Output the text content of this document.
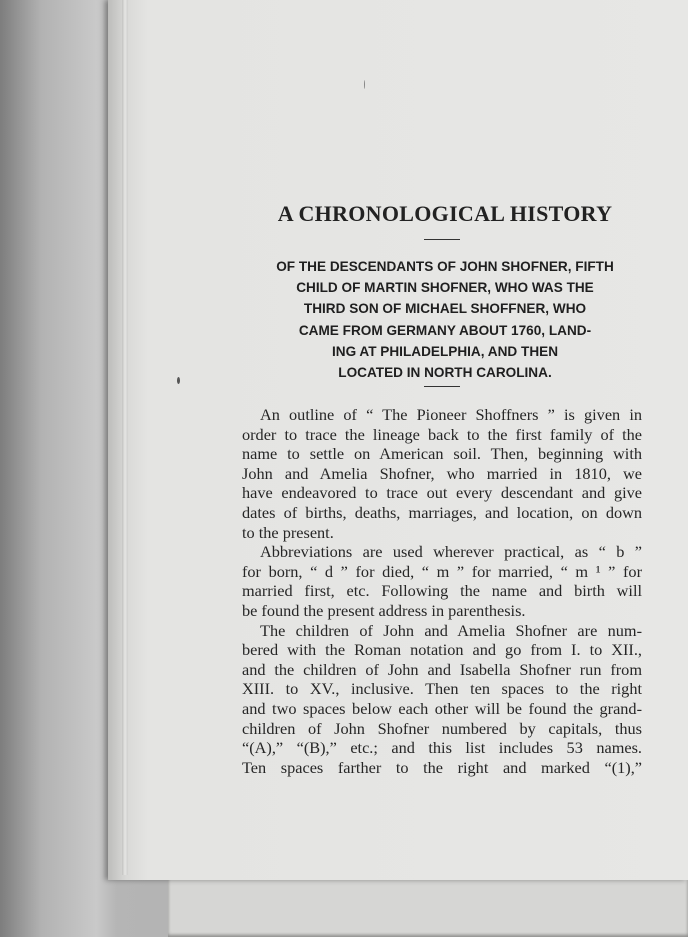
A CHRONOLOGICAL HISTORY
OF THE DESCENDANTS OF JOHN SHOFNER, FIFTH
CHILD OF MARTIN SHOFNER, WHO WAS THE
THIRD SON OF MICHAEL SHOFFNER, WHO
CAME FROM GERMANY ABOUT 1760, LAND-
ING AT PHILADELPHIA, AND THEN
LOCATED IN NORTH CAROLINA.
An outline of “ The Pioneer Shoffners ” is given in
order to trace the lineage back to the first family of the
name to settle on American soil. Then, beginning with
John and Amelia Shofner, who married in 1810, we
have endeavored to trace out every descendant and give
dates of births, deaths, marriages, and location, on down
to the present.
Abbreviations are used wherever practical, as “ b ”
for born, “ d ” for died, “ m ” for married, “ m ¹ ” for
married first, etc. Following the name and birth will
be found the present address in parenthesis.
The children of John and Amelia Shofner are num-
bered with the Roman notation and go from I. to XII.,
and the children of John and Isabella Shofner run from
XIII. to XV., inclusive. Then ten spaces to the right
and two spaces below each other will be found the grand-
children of John Shofner numbered by capitals, thus
“(A),” “(B),” etc.; and this list includes 53 names.
Ten spaces farther to the right and marked “(1),”
